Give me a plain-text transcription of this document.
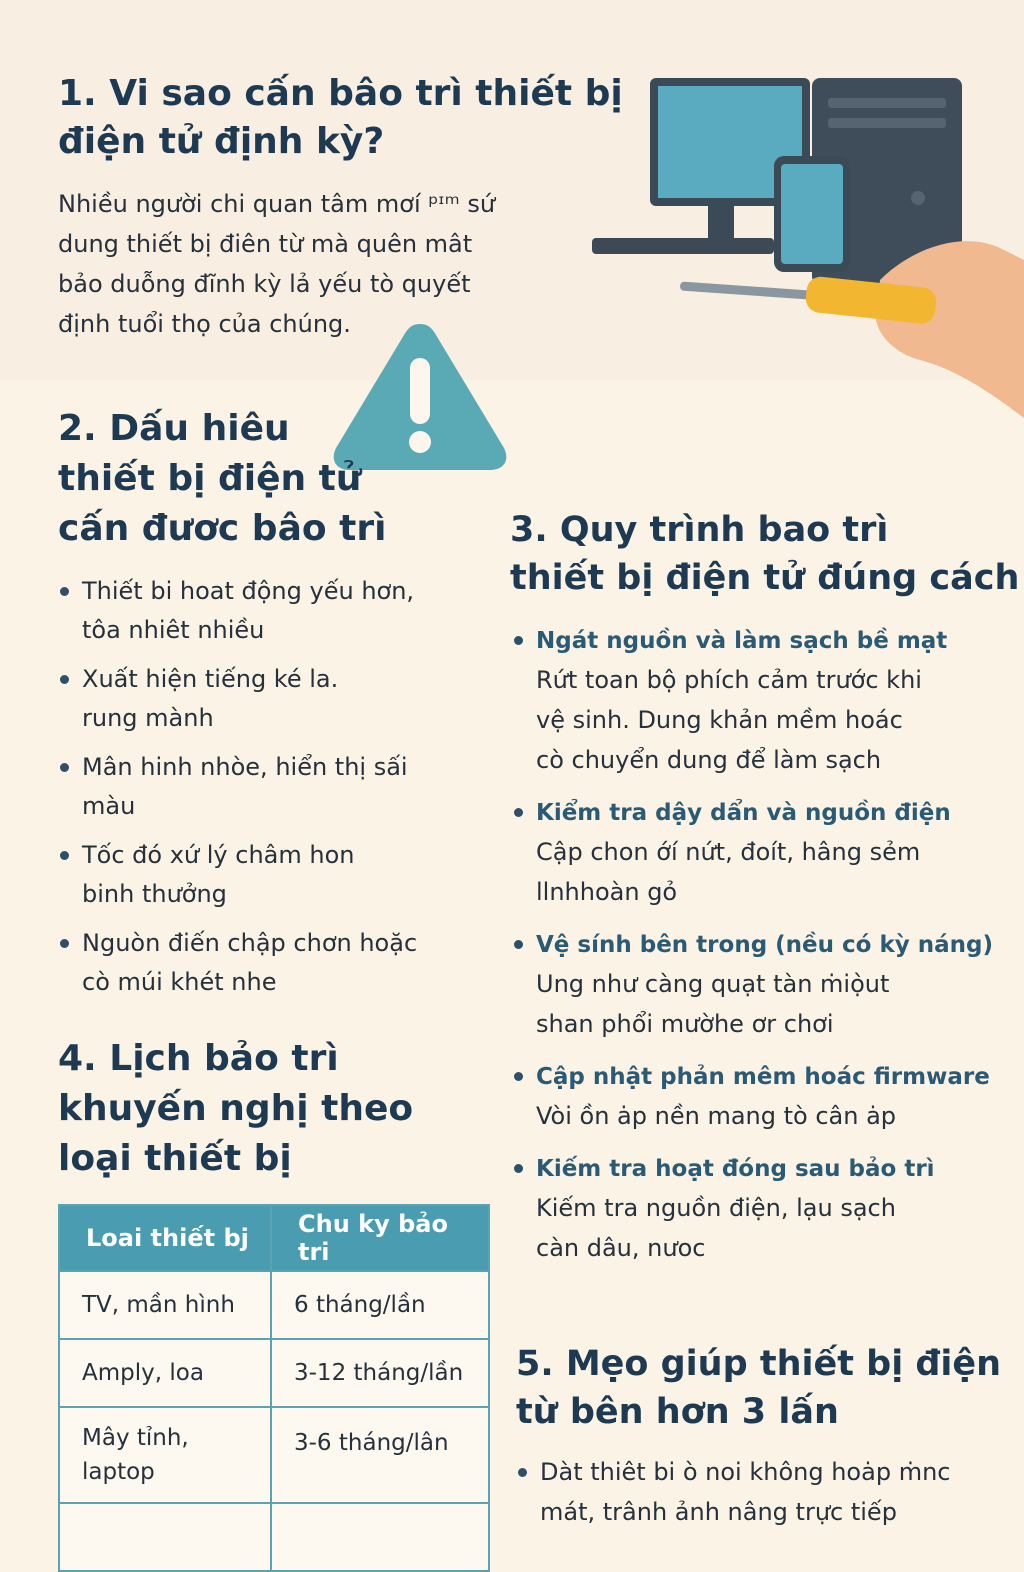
1. Vi sao cấn bâo trì thiết bị
điện tử định kỳ?

Nhiều người chi quan tâm mơí ᵖᶦᵐ sứ
dung thiết bị điên từ mà quên mât
bảo duỗng đĩnh kỳ lả yếu tò quyết
định tuổi thọ của chúng.

2. Dấu hiêu
thiết bị điện tử
cấn đươc bâo trì
Thiết bi hoat động yếu hơn,
tôa nhiêt nhiều
Xuất hiện tiếng ké la.
rung mành
Mân hinh nhòe, hiển thị sấi
màu
Tốc đó xứ lý châm hon
binh thưởng
Nguòn điến chập chơn hoặc
cò múi khét nhe
3. Quy trình bao trì
thiết bị điện tử đúng cách
Ngát nguồn và làm sạch bề mạt
Rứt toan bộ phích cảm trước khi
vệ sinh. Dung khản mềm hoác
cò chuyển dung để làm sạch
Kiểm tra dậy dẩn và nguồn điện
Cập chon ớí nứt, đoít, hâng sẻm
llnhhoàn gỏ
Vệ sính bên trong (nều có kỳ náng)
Ung như càng quạt tàn ṁiọ̀ut
shan phổi mườhe ơr chơi
Cập nhật phản mêm hoác firmware
Vòi ồn ȧp nền mang tò cân ȧp
Kiếm tra hoạt đóng sau bảo trì
Kiếm tra nguồn điện, lạu sạch
càn dâu, nưoc
4. Lịch bảo trì
khuyến nghị theo
loại thiết bị
Loai thiết bj	Chu ky bảo tri
TV, mần hình	6 tháng/lần
Amply, loa	3-12 tháng/lần
Mây tỉnh,
laptop	3-6 tháng/lân

5. Mẹo giúp thiết bị điện
từ bên hơn 3 lấn
Dàt thiêt bi ò noi không hoȧp ṁnc
mát, trânh ảnh nâng trực tiếp
